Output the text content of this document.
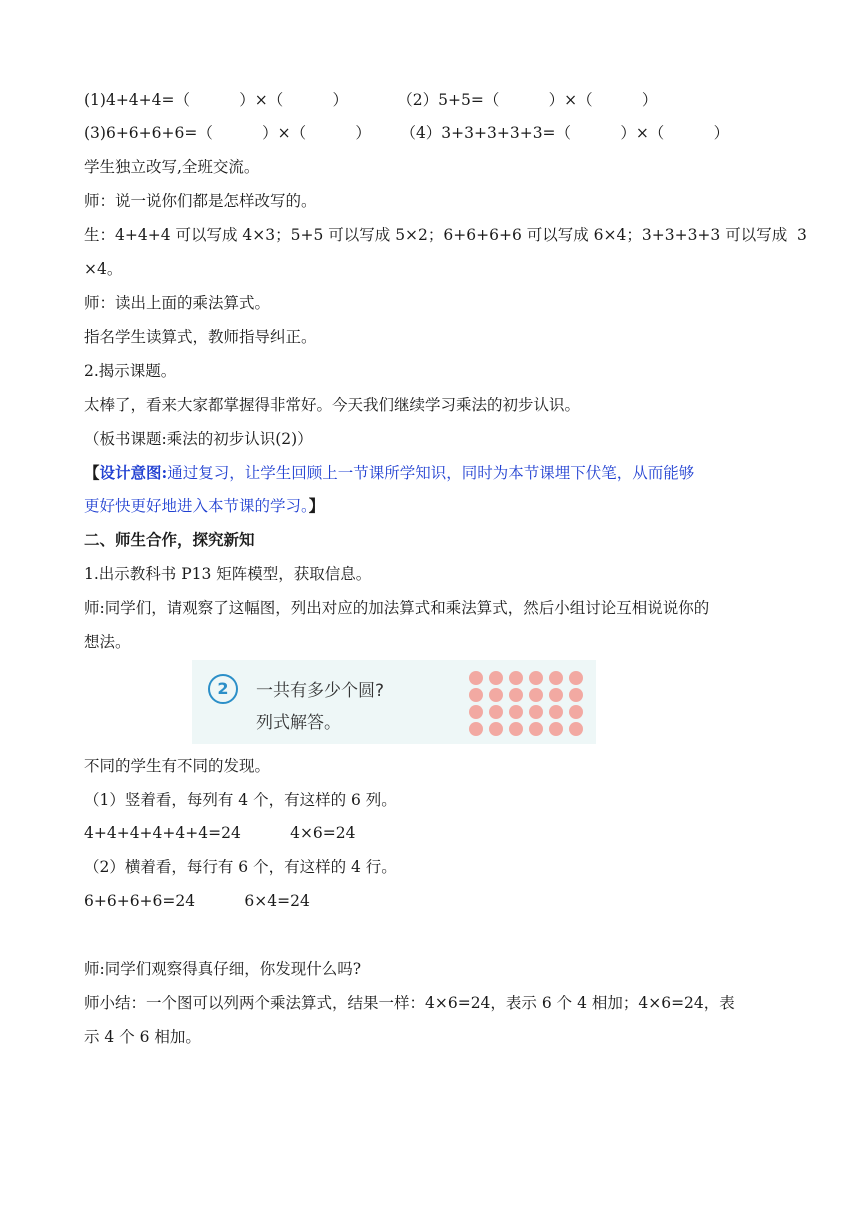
(1)4+4+4=（          ）×（          ）          （2）5+5=（          ）×（          ）
(3)6+6+6+6=（          ）×（          ）      （4）3+3+3+3+3=（          ）×（          ）
学生独立改写,全班交流。
师：说一说你们都是怎样改写的。
生：4+4+4 可以写成 4×3；5+5 可以写成 5×2；6+6+6+6 可以写成 6×4；3+3+3+3 可以写成  3
×4。
师：读出上面的乘法算式。
指名学生读算式，教师指导纠正。
2.揭示课题。
太棒了，看来大家都掌握得非常好。今天我们继续学习乘法的初步认识。
（板书课题:乘法的初步认识(2)）
【设计意图:通过复习，让学生回顾上一节课所学知识，同时为本节课埋下伏笔，从而能够
更好快更好地进入本节课的学习。】
二、师生合作，探究新知
1.出示教科书 P13 矩阵模型，获取信息。
师:同学们，请观察了这幅图，列出对应的加法算式和乘法算式，然后小组讨论互相说说你的
想法。
2	一共有多少个圆?
列式解答。
不同的学生有不同的发现。
（1）竖着看，每列有 4 个，有这样的 6 列。
4+4+4+4+4+4=24          4×6=24
（2）横着看，每行有 6 个，有这样的 4 行。
6+6+6+6=24          6×4=24
师:同学们观察得真仔细，你发现什么吗?
师小结：一个图可以列两个乘法算式，结果一样：4×6=24，表示 6 个 4 相加；4×6=24，表
示 4 个 6 相加。
